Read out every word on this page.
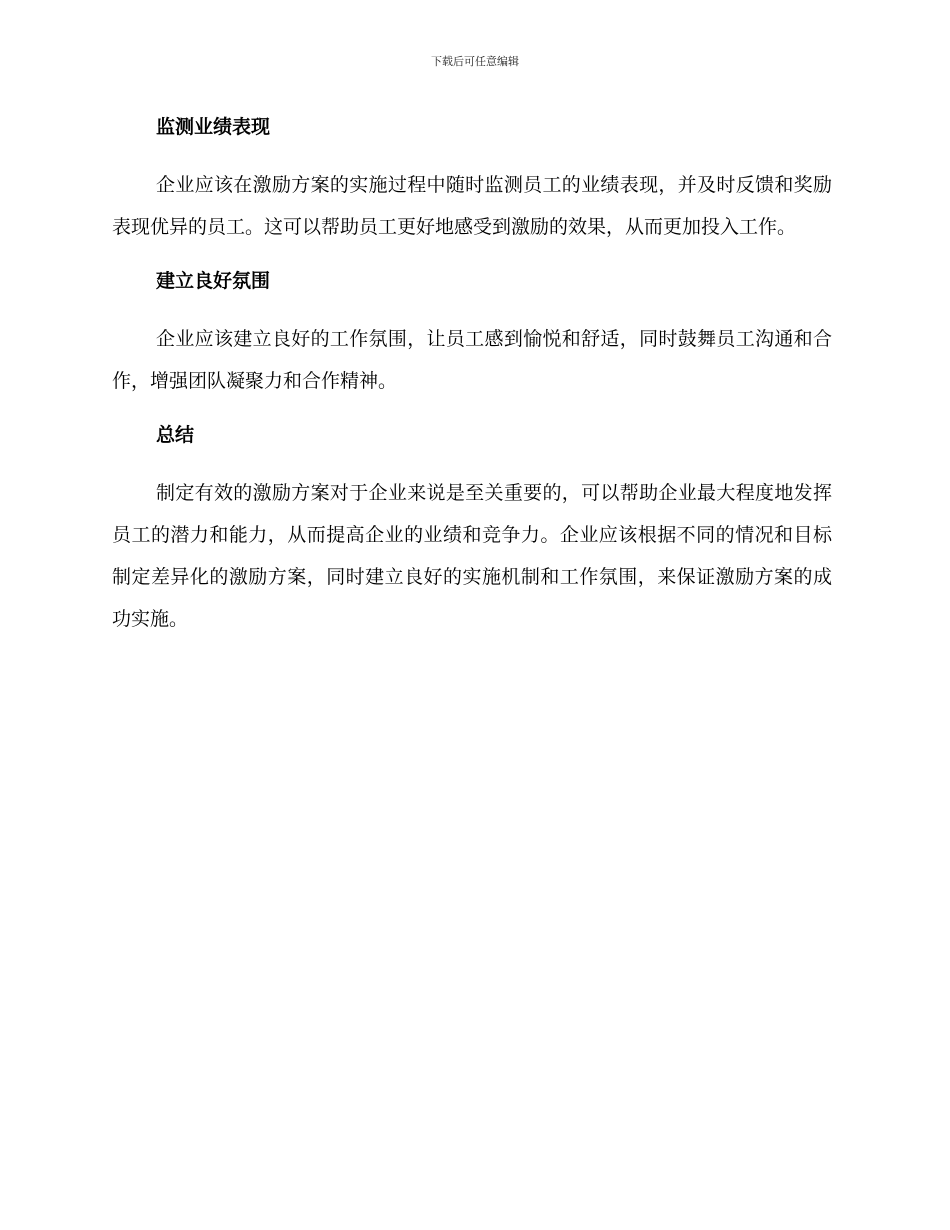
下载后可任意编辑
监测业绩表现

企业应该在激励方案的实施过程中随时监测员工的业绩表现，并及时反馈和奖励表现优异的员工。这可以帮助员工更好地感受到激励的效果，从而更加投入工作。

建立良好氛围

企业应该建立良好的工作氛围，让员工感到愉悦和舒适，同时鼓舞员工沟通和合作，增强团队凝聚力和合作精神。

总结

制定有效的激励方案对于企业来说是至关重要的，可以帮助企业最大程度地发挥员工的潜力和能力，从而提高企业的业绩和竞争力。企业应该根据不同的情况和目标制定差异化的激励方案，同时建立良好的实施机制和工作氛围，来保证激励方案的成功实施。
